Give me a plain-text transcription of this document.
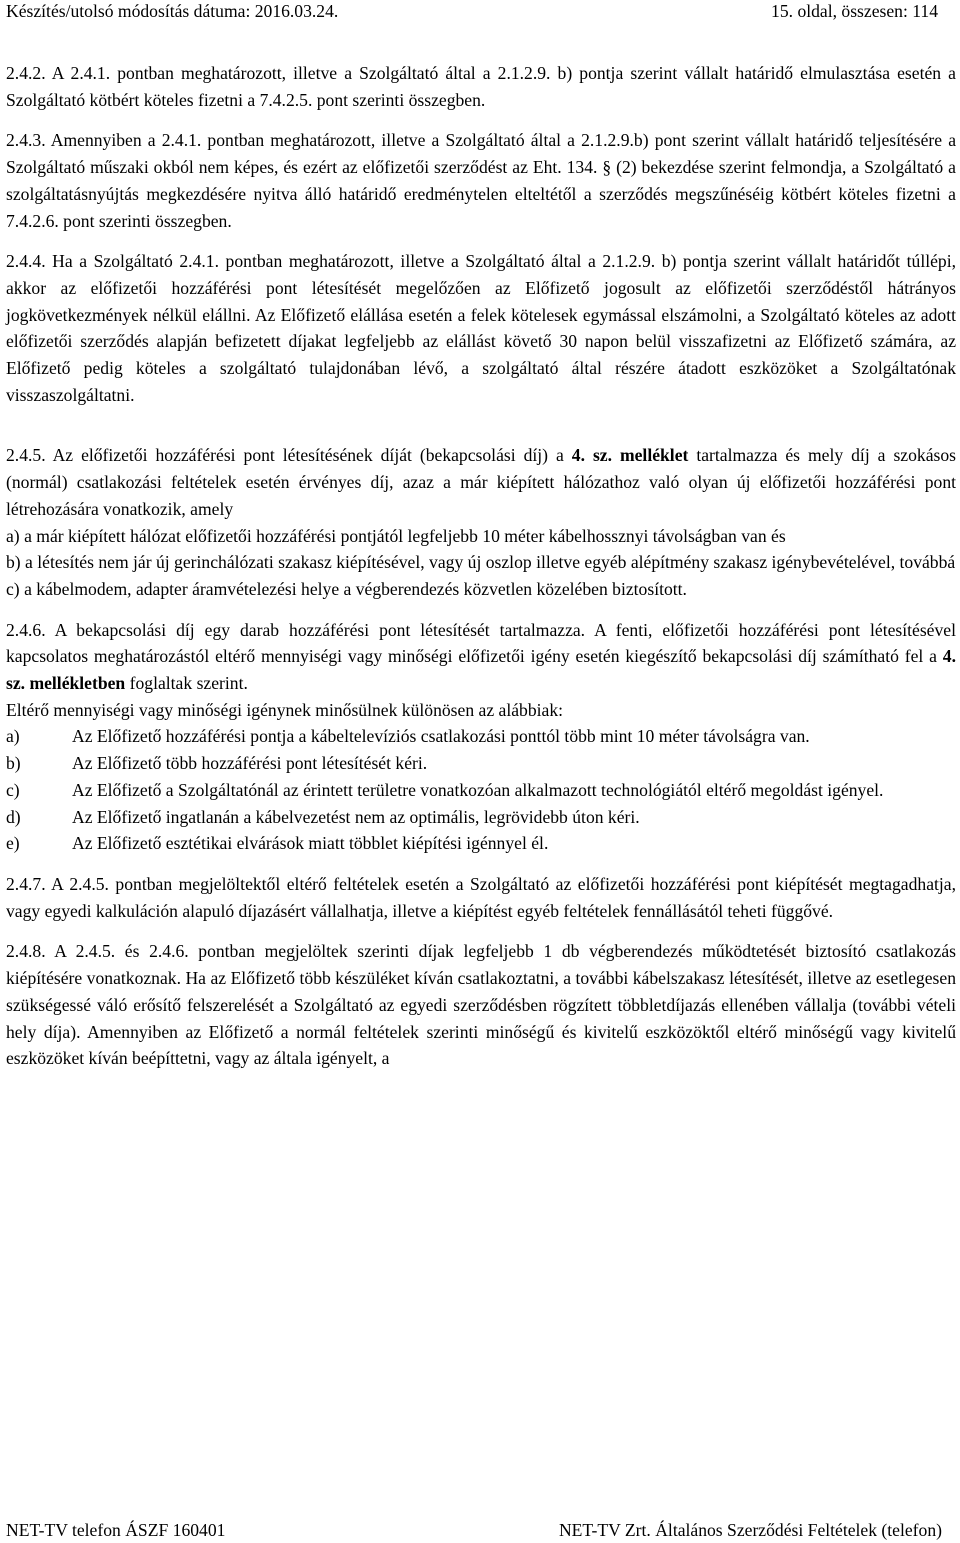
Készítés/utolsó módosítás dátuma: 2016.03.24.	15. oldal, összesen: 114

2.4.2. A 2.4.1. pontban meghatározott, illetve a Szolgáltató által a 2.1.2.9. b) pontja szerint vállalt határidő elmulasztása esetén a Szolgáltató kötbért köteles fizetni a 7.4.2.5. pont szerinti összegben.

2.4.3. Amennyiben a 2.4.1. pontban meghatározott, illetve a Szolgáltató által a 2.1.2.9.b) pont szerint vállalt határidő teljesítésére a Szolgáltató műszaki okból nem képes, és ezért az előfizetői szerződést az Eht. 134. § (2) bekezdése szerint felmondja, a Szolgáltató a szolgáltatásnyújtás megkezdésére nyitva álló határidő eredménytelen elteltétől a szerződés megszűnéséig kötbért köteles fizetni a 7.4.2.6. pont szerinti összegben.

2.4.4. Ha a Szolgáltató 2.4.1. pontban meghatározott, illetve a Szolgáltató által a 2.1.2.9. b) pontja szerint vállalt határidőt túllépi, akkor az előfizetői hozzáférési pont létesítését megelőzően az Előfizető jogosult az előfizetői szerződéstől hátrányos jogkövetkezmények nélkül elállni. Az Előfizető elállása esetén a felek kötelesek egymással elszámolni, a Szolgáltató köteles az adott előfizetői szerződés alapján befizetett díjakat legfeljebb az elállást követő 30 napon belül visszafizetni az Előfizető számára, az Előfizető pedig köteles a szolgáltató tulajdonában lévő, a szolgáltató által részére átadott eszközöket a Szolgáltatónak visszaszolgáltatni.

2.4.5. Az előfizetői hozzáférési pont létesítésének díját (bekapcsolási díj) a 4. sz. melléklet tartalmazza és mely díj a szokásos (normál) csatlakozási feltételek esetén érvényes díj, azaz a már kiépített hálózathoz való olyan új előfizetői hozzáférési pont létrehozására vonatkozik, amely

a) a már kiépített hálózat előfizetői hozzáférési pontjától legfeljebb 10 méter kábelhossznyi távolságban van és

b) a létesítés nem jár új gerinchálózati szakasz kiépítésével, vagy új oszlop illetve egyéb alépítmény szakasz igénybevételével, továbbá

c) a kábelmodem, adapter áramvételezési helye a végberendezés közvetlen közelében biztosított.

2.4.6. A bekapcsolási díj egy darab hozzáférési pont létesítését tartalmazza. A fenti, előfizetői hozzáférési pont létesítésével kapcsolatos meghatározástól eltérő mennyiségi vagy minőségi előfizetői igény esetén kiegészítő bekapcsolási díj számítható fel a 4. sz. mellékletben foglaltak szerint.

Eltérő mennyiségi vagy minőségi igénynek minősülnek különösen az alábbiak:

a)	Az Előfizető hozzáférési pontja a kábeltelevíziós csatlakozási ponttól több mint 10 méter távolságra van.
b)	Az Előfizető több hozzáférési pont létesítését kéri.
c)	Az Előfizető a Szolgáltatónál az érintett területre vonatkozóan alkalmazott technológiától eltérő megoldást igényel.
d)	Az Előfizető ingatlanán a kábelvezetést nem az optimális, legrövidebb úton kéri.
e)	Az Előfizető esztétikai elvárások miatt többlet kiépítési igénnyel él.

2.4.7. A 2.4.5. pontban megjelöltektől eltérő feltételek esetén a Szolgáltató az előfizetői hozzáférési pont kiépítését megtagadhatja, vagy egyedi kalkuláción alapuló díjazásért vállalhatja, illetve a kiépítést egyéb feltételek fennállásától teheti függővé.

2.4.8. A 2.4.5. és 2.4.6. pontban megjelöltek szerinti díjak legfeljebb 1 db végberendezés működtetését biztosító csatlakozás kiépítésére vonatkoznak. Ha az Előfizető több készüléket kíván csatlakoztatni, a további kábelszakasz létesítését, illetve az esetlegesen szükségessé váló erősítő felszerelését a Szolgáltató az egyedi szerződésben rögzített többletdíjazás ellenében vállalja (további vételi hely díja). Amennyiben az Előfizető a normál feltételek szerinti minőségű és kivitelű eszközöktől eltérő minőségű vagy kivitelű eszközöket kíván beépíttetni, vagy az általa igényelt, a

NET-TV telefon ÁSZF 160401	NET-TV Zrt. Általános Szerződési Feltételek (telefon)
